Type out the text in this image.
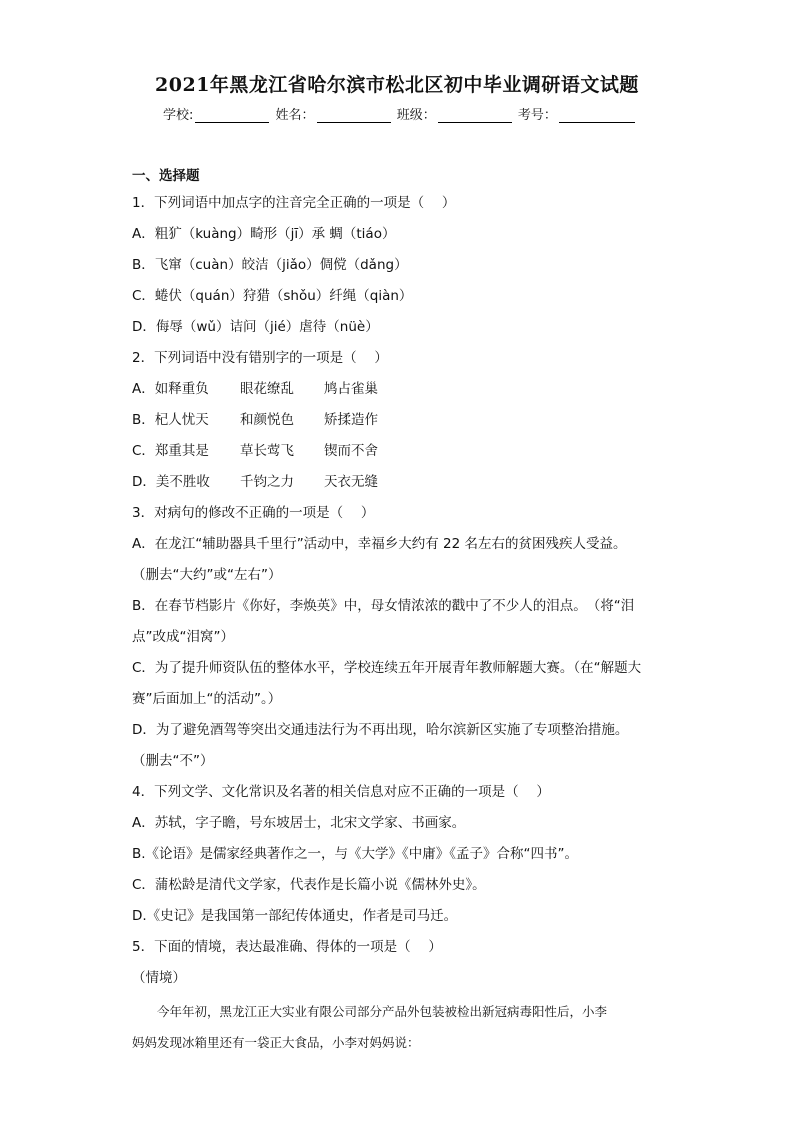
2021年黑龙江省哈尔滨市松北区初中毕业调研语文试题
学校:	姓名：	班级：	考号：
一、选择题
1．下列词语中加点字的注音完全正确的一项是（　 ）
A．粗犷（kuàng）畸形（jī）承 蜩（tiáo）
B．飞窜（cuàn）皎洁（jiǎo）倜傥（dǎng）
C．蜷伏（quán）狩猎（shǒu）纤绳（qiàn）
D．侮辱（wǔ）诘问（jié）虐待（nüè）
2．下列词语中没有错别字的一项是（　 ）
A．如释重负 眼花缭乱 鸠占雀巢
B．杞人忧天 和颜悦色 矫揉造作
C．郑重其是 草长莺飞 锲而不舍
D．美不胜收 千钧之力 天衣无缝
3．对病句的修改不正确的一项是（　 ）
A．在龙江“辅助器具千里行”活动中，幸福乡大约有 22 名左右的贫困残疾人受益。
（删去“大约”或“左右”）
B．在春节档影片《你好，李焕英》中，母女情浓浓的戳中了不少人的泪点。　（将“泪
点”改成“泪窝”）
C．为了提升师资队伍的整体水平，学校连续五年开展青年教师解题大赛。（在“解题大
赛”后面加上“的活动”。）
D．为了避免酒驾等突出交通违法行为不再出现，哈尔滨新区实施了专项整治措施。
（删去“不”）
4．下列文学、文化常识及名著的相关信息对应不正确的一项是（　 ）
A．苏轼，字子瞻，号东坡居士，北宋文学家、书画家。
B.《论语》是儒家经典著作之一，与《大学》《中庸》《孟子》合称“四书”。
C．蒲松龄是清代文学家，代表作是长篇小说《儒林外史》。
D.《史记》是我国第一部纪传体通史，作者是司马迁。
5．下面的情境，表达最准确、得体的一项是（　 ）
（情境）
　　今年年初，黑龙江正大实业有限公司部分产品外包装被检出新冠病毒阳性后，小李
妈妈发现冰箱里还有一袋正大食品，小李对妈妈说：
